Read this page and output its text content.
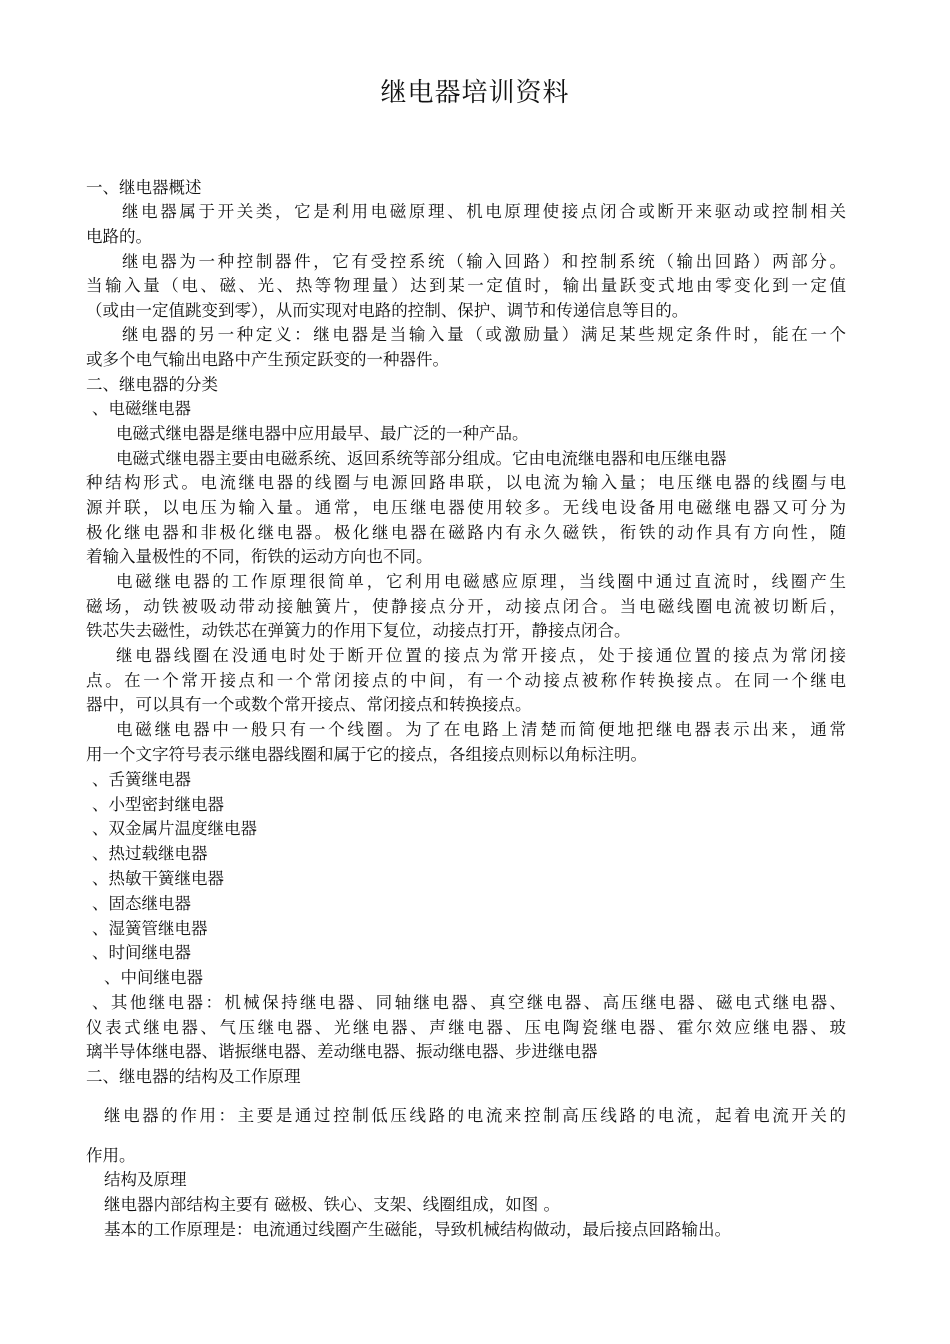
继电器培训资料
一、继电器概述
继电器属于开关类，它是利用电磁原理、机电原理使接点闭合或断开来驱动或控制相关
电路的。
继电器为一种控制器件，它有受控系统（输入回路）和控制系统（输出回路）两部分。
当输入量（电、磁、光、热等物理量）达到某一定值时，输出量跃变式地由零变化到一定值
（或由一定值跳变到零），从而实现对电路的控制、保护、调节和传递信息等目的。
继电器的另一种定义：继电器是当输入量（或激励量）满足某些规定条件时，能在一个
或多个电气输出电路中产生预定跃变的一种器件。
二、继电器的分类
、电磁继电器
电磁式继电器是继电器中应用最早、最广泛的一种产品。
电磁式继电器主要由电磁系统、返回系统等部分组成。它由电流继电器和电压继电器
种结构形式。电流继电器的线圈与电源回路串联，以电流为输入量；电压继电器的线圈与电
源并联，以电压为输入量。通常，电压继电器使用较多。无线电设备用电磁继电器又可分为
极化继电器和非极化继电器。极化继电器在磁路内有永久磁铁，衔铁的动作具有方向性，随
着输入量极性的不同，衔铁的运动方向也不同。
电磁继电器的工作原理很简单，它利用电磁感应原理，当线圈中通过直流时，线圈产生
磁场，动铁被吸动带动接触簧片，使静接点分开，动接点闭合。当电磁线圈电流被切断后，
铁芯失去磁性，动铁芯在弹簧力的作用下复位，动接点打开，静接点闭合。
继电器线圈在没通电时处于断开位置的接点为常开接点，处于接通位置的接点为常闭接
点。在一个常开接点和一个常闭接点的中间，有一个动接点被称作转换接点。在同一个继电
器中，可以具有一个或数个常开接点、常闭接点和转换接点。
电磁继电器中一般只有一个线圈。为了在电路上清楚而简便地把继电器表示出来，通常
用一个文字符号表示继电器线圈和属于它的接点，各组接点则标以角标注明。
、舌簧继电器
、小型密封继电器
、双金属片温度继电器
、热过载继电器
、热敏干簧继电器
、固态继电器
、湿簧管继电器
、时间继电器
、中间继电器
、其他继电器：机械保持继电器、同轴继电器、真空继电器、高压继电器、磁电式继电器、
仪表式继电器、气压继电器、光继电器、声继电器、压电陶瓷继电器、霍尔效应继电器、玻
璃半导体继电器、谐振继电器、差动继电器、振动继电器、步进继电器
二、继电器的结构及工作原理
继电器的作用：主要是通过控制低压线路的电流来控制高压线路的电流，起着电流开关的
作用。
结构及原理
继电器内部结构主要有 磁极、铁心、支架、线圈组成，如图 。
基本的工作原理是：电流通过线圈产生磁能，导致机械结构做动，最后接点回路输出。
